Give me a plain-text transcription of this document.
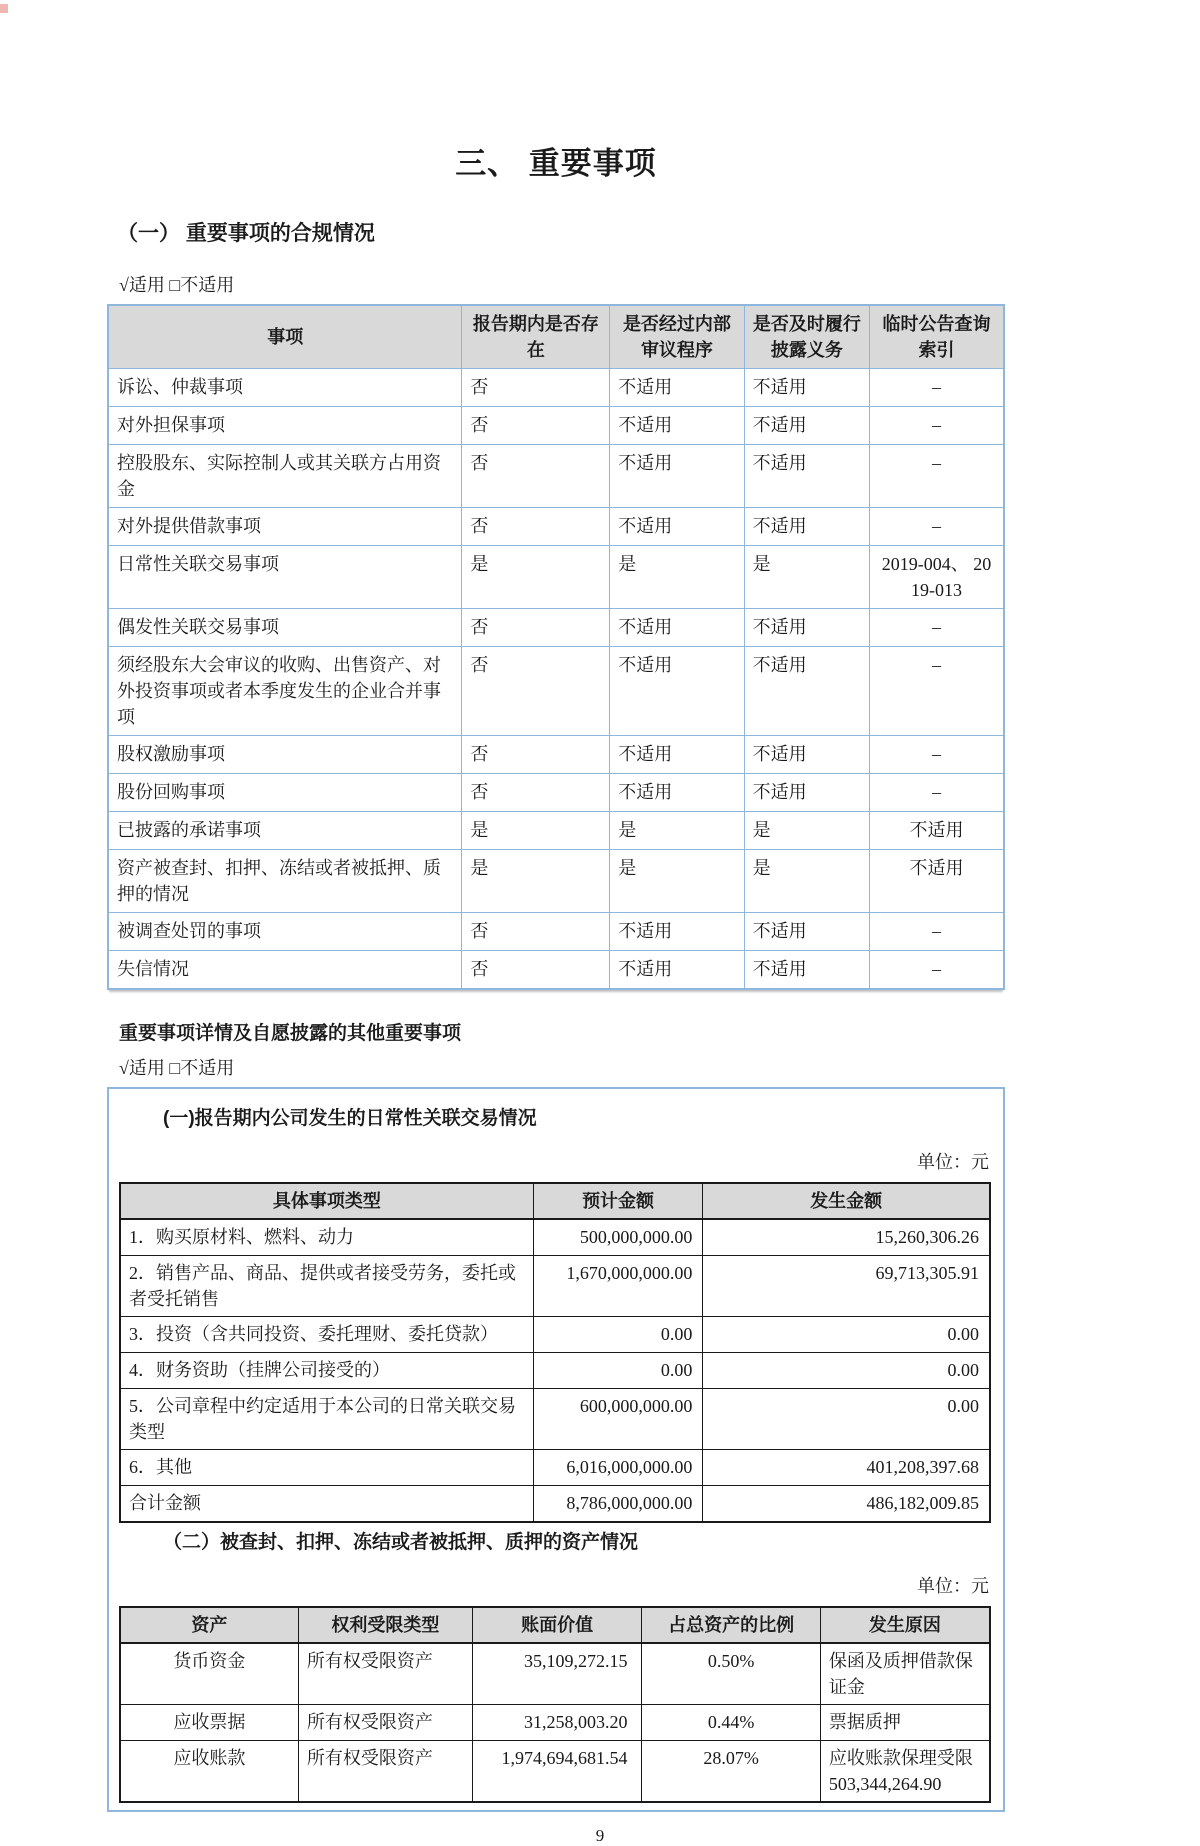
三、 重要事项
（一） 重要事项的合规情况
√适用 □不适用
事项	报告期内是否存在	是否经过内部审议程序	是否及时履行披露义务	临时公告查询索引
诉讼、仲裁事项	否	不适用	不适用	–
对外担保事项	否	不适用	不适用	–
控股股东、实际控制人或其关联方占用资金	否	不适用	不适用	–
对外提供借款事项	否	不适用	不适用	–
日常性关联交易事项	是	是	是	2019-004、 2019-013
偶发性关联交易事项	否	不适用	不适用	–
须经股东大会审议的收购、出售资产、对外投资事项或者本季度发生的企业合并事项	否	不适用	不适用	–
股权激励事项	否	不适用	不适用	–
股份回购事项	否	不适用	不适用	–
已披露的承诺事项	是	是	是	不适用
资产被查封、扣押、冻结或者被抵押、质押的情况	是	是	是	不适用
被调查处罚的事项	否	不适用	不适用	–
失信情况	否	不适用	不适用	–
重要事项详情及自愿披露的其他重要事项
√适用 □不适用
(一)报告期内公司发生的日常性关联交易情况
单位：元
具体事项类型	预计金额	发生金额
1．购买原材料、燃料、动力	500,000,000.00	15,260,306.26
2．销售产品、商品、提供或者接受劳务，委托或者受托销售	1,670,000,000.00	69,713,305.91
3．投资（含共同投资、委托理财、委托贷款）	0.00	0.00
4．财务资助（挂牌公司接受的）	0.00	0.00
5．公司章程中约定适用于本公司的日常关联交易类型	600,000,000.00	0.00
6．其他	6,016,000,000.00	401,208,397.68
合计金额	8,786,000,000.00	486,182,009.85
（二）被查封、扣押、冻结或者被抵押、质押的资产情况
单位：元
资产	权利受限类型	账面价值	占总资产的比例	发生原因
货币资金	所有权受限资产	35,109,272.15	0.50%	保函及质押借款保证金
应收票据	所有权受限资产	31,258,003.20	0.44%	票据质押
应收账款	所有权受限资产	1,974,694,681.54	28.07%	应收账款保理受限 503,344,264.90
9
